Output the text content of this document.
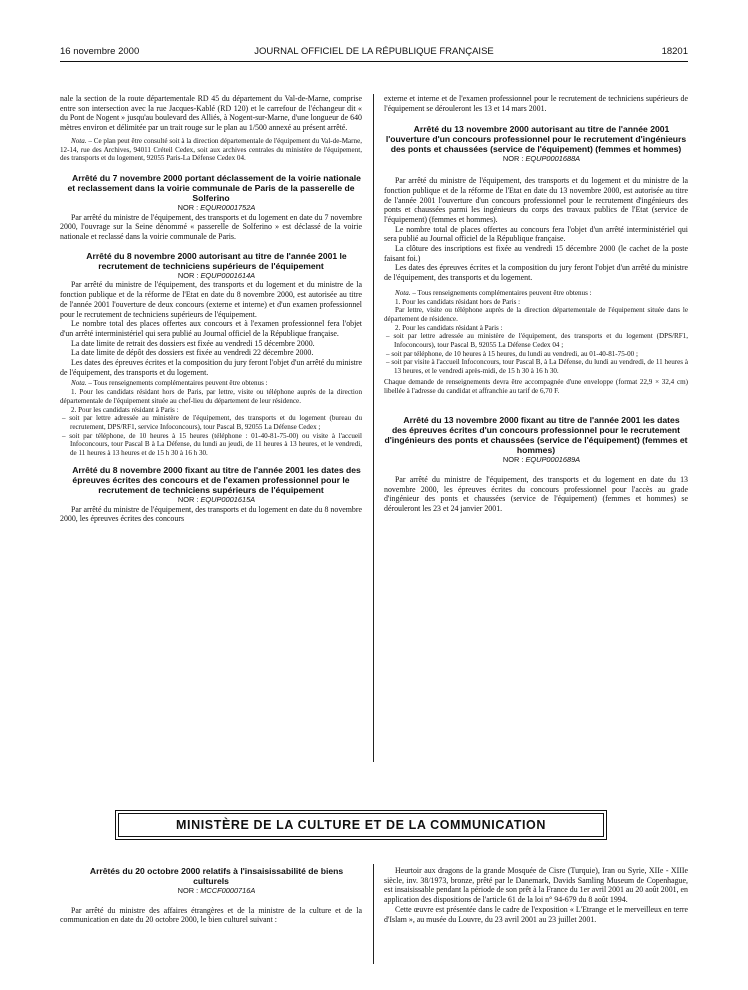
16 novembre 2000	JOURNAL OFFICIEL DE LA RÉPUBLIQUE FRANÇAISE	18201

nale la section de la route départementale RD 45 du département du Val-de-Marne, comprise entre son intersection avec la rue Jacques-Kablé (RD 120) et le carrefour de l'échangeur dit « du Pont de Nogent » jusqu'au boulevard des Alliés, à Nogent-sur-Marne, d'une longueur de 640 mètres environ et délimitée par un trait rouge sur le plan au 1/500 annexé au présent arrêté.

Nota. – Ce plan peut être consulté soit à la direction départementale de l'équipement du Val-de-Marne, 12-14, rue des Archives, 94011 Créteil Cedex, soit aux archives centrales du ministère de l'équipement, des transports et du logement, 92055 Paris-La Défense Cedex 04.

Arrêté du 7 novembre 2000 portant déclassement de la voirie nationale et reclassement dans la voirie communale de Paris de la passerelle de Solferino

NOR : EQUR0001752A

Par arrêté du ministre de l'équipement, des transports et du logement en date du 7 novembre 2000, l'ouvrage sur la Seine dénommé « passerelle de Solferino » est déclassé de la voirie nationale et reclassé dans la voirie communale de Paris.

Arrêté du 8 novembre 2000 autorisant au titre de l'année 2001 le recrutement de techniciens supérieurs de l'équipement

NOR : EQUP0001614A

Par arrêté du ministre de l'équipement, des transports et du logement et du ministre de la fonction publique et de la réforme de l'Etat en date du 8 novembre 2000, est autorisée au titre de l'année 2001 l'ouverture de deux concours (externe et interne) et d'un examen professionnel pour le recrutement de techniciens supérieurs de l'équipement.

Le nombre total des places offertes aux concours et à l'examen professionnel fera l'objet d'un arrêté interministériel qui sera publié au Journal officiel de la République française.

La date limite de retrait des dossiers est fixée au vendredi 15 décembre 2000.

La date limite de dépôt des dossiers est fixée au vendredi 22 décembre 2000.

Les dates des épreuves écrites et la composition du jury feront l'objet d'un arrêté du ministre de l'équipement, des transports et du logement.

Nota. – Tous renseignements complémentaires peuvent être obtenus :

1. Pour les candidats résidant hors de Paris, par lettre, visite ou téléphone auprès de la direction départementale de l'équipement située au chef-lieu du département de leur résidence.

2. Pour les candidats résidant à Paris :

– soit par lettre adressée au ministère de l'équipement, des transports et du logement (bureau du recrutement, DPS/RF1, service Infoconcours), tour Pascal B, 92055 La Défense Cedex ;

– soit par téléphone, de 10 heures à 15 heures (téléphone : 01-40-81-75-00) ou visite à l'accueil Infoconcours, tour Pascal B à La Défense, du lundi au jeudi, de 11 heures à 13 heures, et le vendredi, de 11 heures à 13 heures et de 15 h 30 à 16 h 30.

Arrêté du 8 novembre 2000 fixant au titre de l'année 2001 les dates des épreuves écrites des concours et de l'examen professionnel pour le recrutement de techniciens supérieurs de l'équipement

NOR : EQUP0001615A

Par arrêté du ministre de l'équipement, des transports et du logement en date du 8 novembre 2000, les épreuves écrites des concours

externe et interne et de l'examen professionnel pour le recrutement de techniciens supérieurs de l'équipement se dérouleront les 13 et 14 mars 2001.

Arrêté du 13 novembre 2000 autorisant au titre de l'année 2001 l'ouverture d'un concours professionnel pour le recrutement d'ingénieurs des ponts et chaussées (service de l'équipement) (femmes et hommes)

NOR : EQUP0001688A

Par arrêté du ministre de l'équipement, des transports et du logement et du ministre de la fonction publique et de la réforme de l'Etat en date du 13 novembre 2000, est autorisée au titre de l'année 2001 l'ouverture d'un concours professionnel pour le recrutement d'ingénieurs des ponts et chaussées parmi les ingénieurs du corps des travaux publics de l'Etat (service de l'équipement) (femmes et hommes).

Le nombre total de places offertes au concours fera l'objet d'un arrêté interministériel qui sera publié au Journal officiel de la République française.

La clôture des inscriptions est fixée au vendredi 15 décembre 2000 (le cachet de la poste faisant foi.)

Les dates des épreuves écrites et la composition du jury feront l'objet d'un arrêté du ministre de l'équipement, des transports et du logement.

Nota. – Tous renseignements complémentaires peuvent être obtenus :

1. Pour les candidats résidant hors de Paris :

Par lettre, visite ou téléphone auprès de la direction départementale de l'équipement située dans le département de résidence.

2. Pour les candidats résidant à Paris :

– soit par lettre adressée au ministère de l'équipement, des transports et du logement (DPS/RF1, Infoconcours), tour Pascal B, 92055 La Défense Cedex 04 ;

– soit par téléphone, de 10 heures à 15 heures, du lundi au vendredi, au 01-40-81-75-00 ;

– soit par visite à l'accueil Infoconcours, tour Pascal B, à La Défense, du lundi au vendredi, de 11 heures à 13 heures, et le vendredi après-midi, de 15 h 30 à 16 h 30.

Chaque demande de renseignements devra être accompagnée d'une enveloppe (format 22,9 × 32,4 cm) libellée à l'adresse du candidat et affranchie au tarif de 6,70 F.

Arrêté du 13 novembre 2000 fixant au titre de l'année 2001 les dates des épreuves écrites d'un concours professionnel pour le recrutement d'ingénieurs des ponts et chaussées (service de l'équipement) (femmes et hommes)

NOR : EQUP0001689A

Par arrêté du ministre de l'équipement, des transports et du logement en date du 13 novembre 2000, les épreuves écrites du concours professionnel pour l'accès au grade d'ingénieur des ponts et chaussées (service de l'équipement) (femmes et hommes) se dérouleront les 23 et 24 janvier 2001.

MINISTÈRE DE LA CULTURE ET DE LA COMMUNICATION

Arrêtés du 20 octobre 2000 relatifs à l'insaisissabilité de biens culturels

NOR : MCCF0000716A

Par arrêté du ministre des affaires étrangères et de la ministre de la culture et de la communication en date du 20 octobre 2000, le bien culturel suivant :

Heurtoir aux dragons de la grande Mosquée de Cisre (Turquie), Iran ou Syrie, XIIe - XIIIe siècle, inv. 38/1973, bronze, prêté par le Danemark, Davids Samling Museum de Copenhague, est insaisissable pendant la période de son prêt à la France du 1er avril 2001 au 20 août 2001, en application des dispositions de l'article 61 de la loi n° 94-679 du 8 août 1994.

Cette œuvre est présentée dans le cadre de l'exposition « L'Etrange et le merveilleux en terre d'Islam », au musée du Louvre, du 23 avril 2001 au 23 juillet 2001.
